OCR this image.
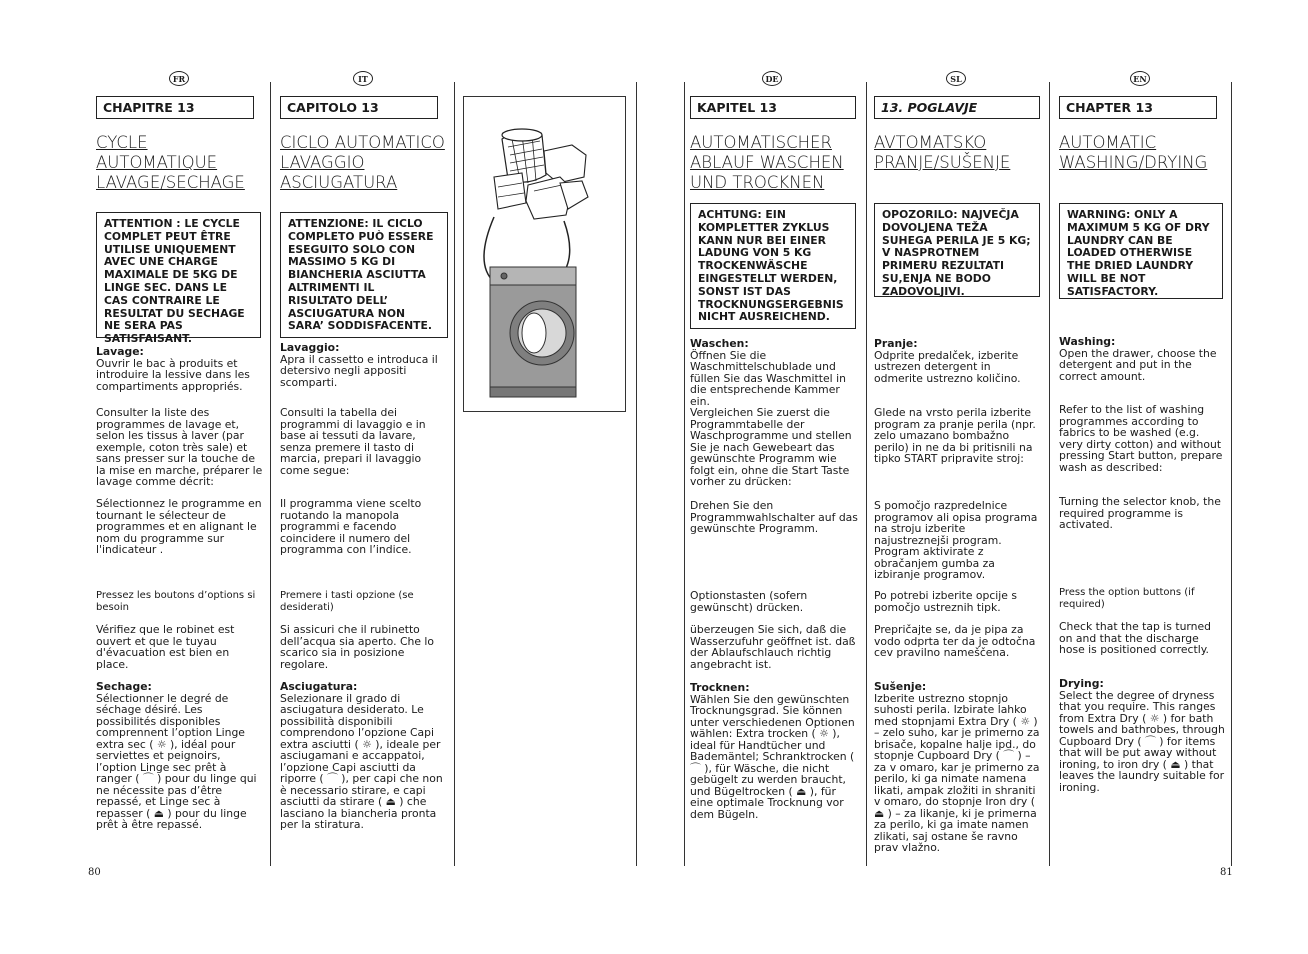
FR	IT	DE	SL	EN
CHAPITRE 13
CYCLE AUTOMATIQUE LAVAGE/SECHAGE
ATTENTION : LE CYCLE COMPLET PEUT ÊTRE UTILISE UNIQUEMENT AVEC UNE CHARGE MAXIMALE DE 5KG DE LINGE SEC. DANS LE CAS CONTRAIRE LE RESULTAT DU SECHAGE NE SERA PAS SATISFAISANT.
Lavage:
Ouvrir le bac à produits et introduire la lessive dans les compartiments appropriés.
Consulter la liste des programmes de lavage et, selon les tissus à laver (par exemple, coton très sale) et sans presser sur la touche de la mise en marche, préparer le lavage comme décrit:
Sélectionnez le programme en tournant le sélecteur de programmes et en alignant le nom du programme sur l'indicateur .
Pressez les boutons d’options si besoin
Vérifiez que le robinet est ouvert et que le tuyau d'évacuation est bien en place.
Sechage:
Sélectionner le degré de séchage désiré. Les possibilités disponibles comprennent l’option Linge extra sec ( ☼ ), idéal pour serviettes et peignoirs, l’option Linge sec prêt à ranger ( ⌒ ) pour du linge qui ne nécessite pas d’être repassé, et Linge sec à repasser ( ⏏ ) pour du linge prêt à être repassé.
CAPITOLO 13
CICLO AUTOMATICO LAVAGGIO ASCIUGATURA
ATTENZIONE: IL CICLO COMPLETO PUÒ ESSERE ESEGUITO SOLO CON MASSIMO 5 KG DI BIANCHERIA ASCIUTTA ALTRIMENTI IL RISULTATO DELL’ ASCIUGATURA NON SARA’ SODDISFACENTE.
Lavaggio:
Apra il cassetto e introduca il detersivo negli appositi scomparti.
Consulti la tabella dei programmi di lavaggio e in base ai tessuti da lavare, senza premere il tasto di marcia, prepari il lavaggio come segue:
Il programma viene scelto ruotando la manopola programmi e facendo coincidere il numero del programma con l’indice.
Premere i tasti opzione (se desiderati)
Si assicuri che il rubinetto dell’acqua sia aperto. Che lo scarico sia in posizione regolare.
Asciugatura:
Selezionare il grado di asciugatura desiderato. Le possibilità disponibili comprendono l’opzione Capi extra asciutti ( ☼ ), ideale per asciugamani e accappatoi, l’opzione Capi asciutti da riporre ( ⌒ ), per capi che non è necessario stirare, e capi asciutti da stirare ( ⏏ ) che lasciano la biancheria pronta per la stiratura.
KAPITEL 13
AUTOMATISCHER ABLAUF WASCHEN UND TROCKNEN
ACHTUNG: EIN KOMPLETTER ZYKLUS KANN NUR BEI EINER LADUNG VON 5 KG TROCKENWÄSCHE EINGESTELLT WERDEN, SONST IST DAS TROCKNUNGSERGEBNIS NICHT AUSREICHEND.
Waschen:
Öffnen Sie die Waschmittelschublade und füllen Sie das Waschmittel in die entsprechende Kammer ein.
Vergleichen Sie zuerst die Programmtabelle der Waschprogramme und stellen Sie je nach Gewebeart das gewünschte Programm wie folgt ein, ohne die Start Taste vorher zu drücken:
Drehen Sie den Programmwahlschalter auf das gewünschte Programm.
Optionstasten (sofern gewünscht) drücken.
überzeugen Sie sich, daß die Wasserzufuhr geöffnet ist. daß der Ablaufschlauch richtig angebracht ist.
Trocknen:
Wählen Sie den gewünschten Trocknungsgrad. Sie können unter verschiedenen Optionen wählen: Extra trocken ( ☼ ), ideal für Handtücher und Bademäntel; Schranktrocken ( ⌒ ), für Wäsche, die nicht gebügelt zu werden braucht, und Bügeltrocken ( ⏏ ), für eine optimale Trocknung vor dem Bügeln.
13. POGLAVJE
AVTOMATSKO PRANJE/SUŠENJE
OPOZORILO: NAJVEČJA DOVOLJENA TEŽA SUHEGA PERILA JE 5 KG; V NASPROTNEM PRIMERU REZULTATI SU,ENJA NE BODO ZADOVOLJIVI.
Pranje:
Odprite predalček, izberite ustrezen detergent in odmerite ustrezno količino.
Glede na vrsto perila izberite program za pranje perila (npr. zelo umazano bombažno perilo) in ne da bi pritisnili na tipko START pripravite stroj:
S pomočjo razpredelnice programov ali opisa programa na stroju izberite najustreznejši program. Program aktivirate z obračanjem gumba za izbiranje programov.
Po potrebi izberite opcije s pomočjo ustreznih tipk.
Prepričajte se, da je pipa za vodo odprta ter da je odtočna cev pravilno nameščena.
Sušenje:
Izberite ustrezno stopnjo suhosti perila. Izbirate lahko med stopnjami Extra Dry ( ☼ ) – zelo suho, kar je primerno za brisače, kopalne halje ipd., do stopnje Cupboard Dry ( ⌒ ) – za v omaro, kar je primerno za perilo, ki ga nimate namena likati, ampak zložiti in shraniti v omaro, do stopnje Iron dry ( ⏏ ) – za likanje, ki je primerna za perilo, ki ga imate namen zlikati, saj ostane še ravno prav vlažno.
CHAPTER 13
AUTOMATIC WASHING/DRYING
WARNING: ONLY A MAXIMUM 5 KG OF DRY LAUNDRY CAN BE LOADED OTHERWISE THE DRIED LAUNDRY WILL BE NOT SATISFACTORY.
Washing:
Open the drawer, choose the detergent and put in the correct amount.
Refer to the list of washing programmes according to fabrics to be washed (e.g. very dirty cotton) and without pressing Start button, prepare wash as described:
Turning the selector knob, the required programme is activated.
Press the option buttons (if required)
Check that the tap is turned on and that the discharge hose is positioned correctly.
Drying:
Select the degree of dryness that you require. This ranges from Extra Dry ( ☼ ) for bath towels and bathrobes, through Cupboard Dry ( ⌒ ) for items that will be put away without ironing, to iron dry ( ⏏ ) that leaves the laundry suitable for ironing.
80	81
